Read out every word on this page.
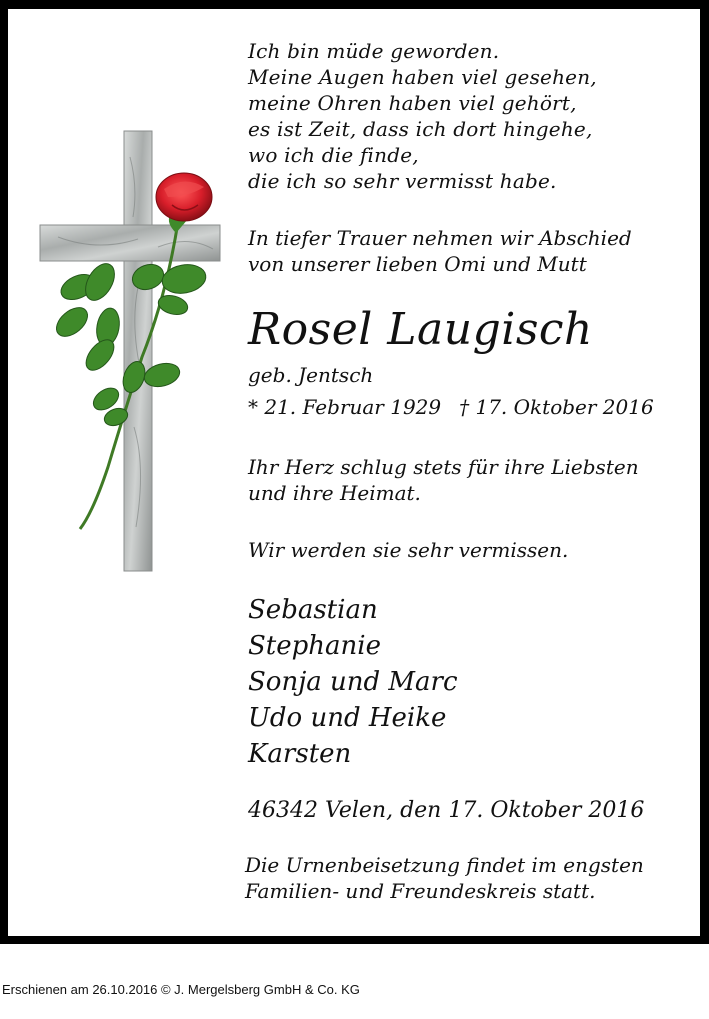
Ich bin müde geworden.
Meine Augen haben viel gesehen,
meine Ohren haben viel gehört,
es ist Zeit, dass ich dort hingehe,
wo ich die finde,
die ich so sehr vermisst habe.
In tiefer Trauer nehmen wir Abschied
von unserer lieben Omi und Mutt
Rosel Laugisch
geb. Jentsch
* 21. Februar 1929 † 17. Oktober 2016
Ihr Herz schlug stets für ihre Liebsten
und ihre Heimat.
Wir werden sie sehr vermissen.
Sebastian
Stephanie
Sonja und Marc
Udo und Heike
Karsten
46342 Velen, den 17. Oktober 2016
Die Urnenbeisetzung findet im engsten
Familien- und Freundeskreis statt.
Erschienen am 26.10.2016 © J. Mergelsberg GmbH & Co. KG
